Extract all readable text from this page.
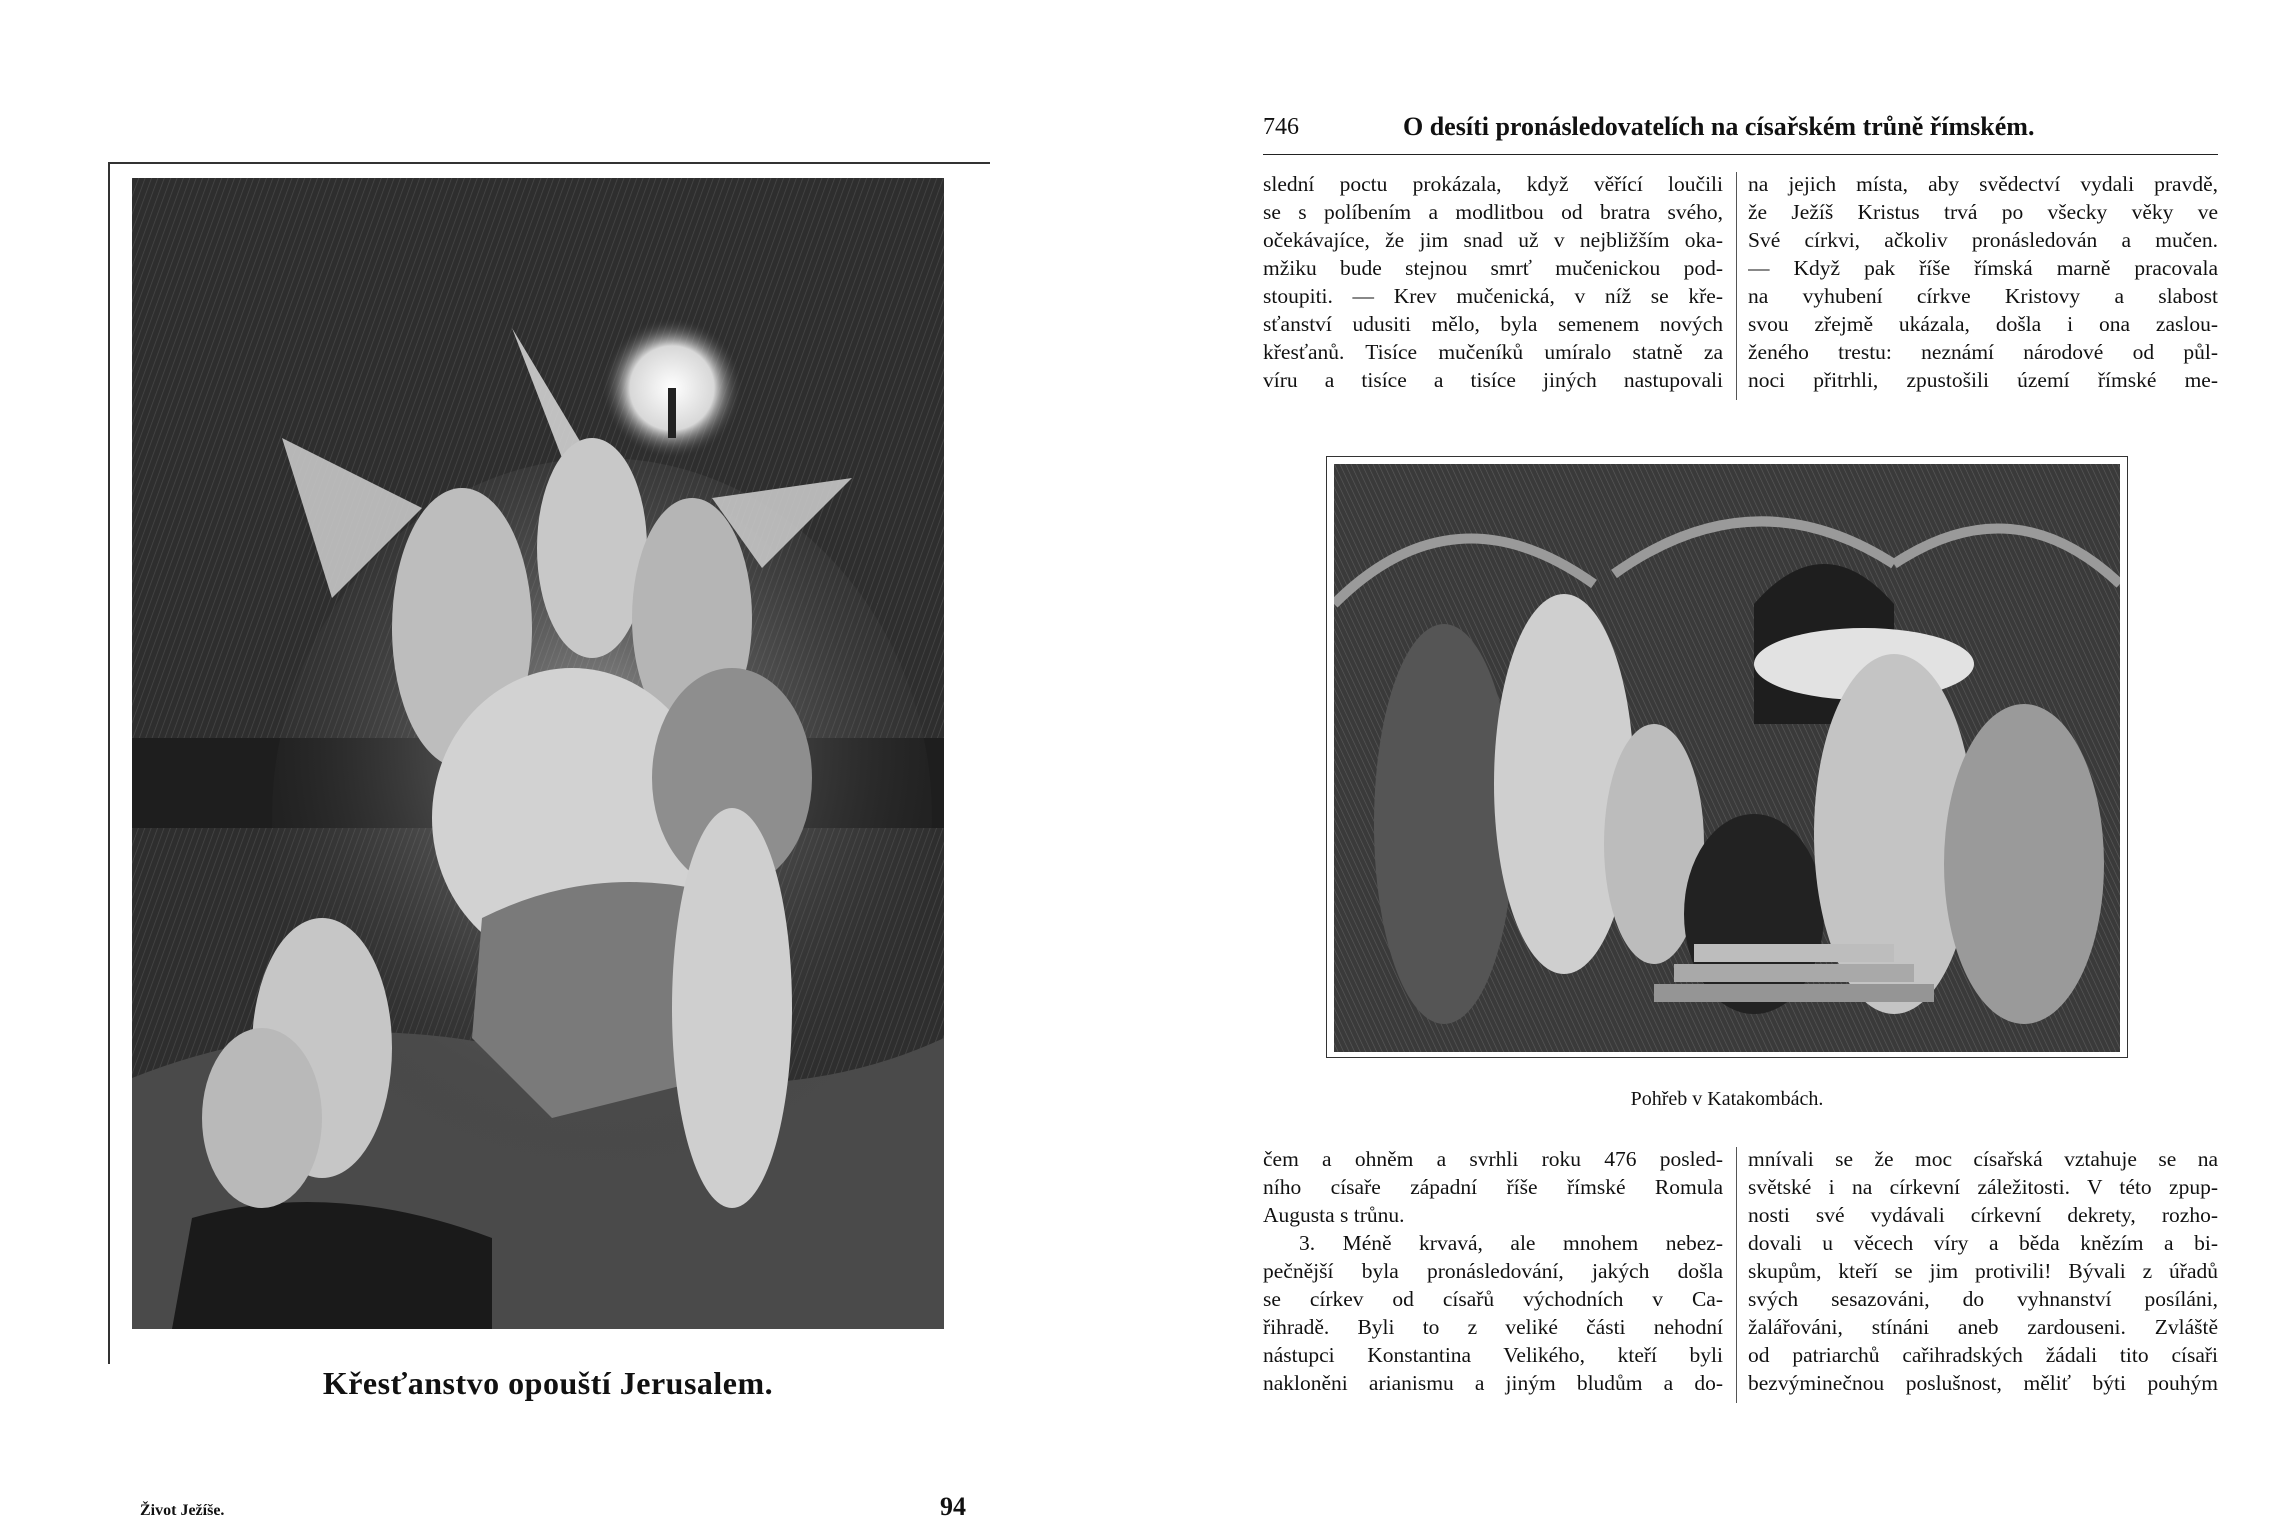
Křesťanstvo opouští Jerusalem.
Život Ježíše.	94
746	O desíti pronásledovatelích na císařském trůně římském.
slední poctu prokázala, když věřící loučili
se s políbením a modlitbou od bratra svého,
očekávajíce, že jim snad už v nejbližším oka-
mžiku bude stejnou smrť mučenickou pod-
stoupiti. — Krev mučenická, v níž se kře-
sťanství udusiti mělo, byla semenem nových
křesťanů. Tisíce mučeníků umíralo statně za
víru a tisíce a tisíce jiných nastupovali
na jejich místa, aby svědectví vydali pravdě,
že Ježíš Kristus trvá po všecky věky ve
Své církvi, ačkoliv pronásledován a mučen.
— Když pak říše římská marně pracovala
na vyhubení církve Kristovy a slabost
svou zřejmě ukázala, došla i ona zaslou-
ženého trestu: neznámí národové od půl-
noci přitrhli, zpustošili území římské me-
Pohřeb v Katakombách.
čem a ohněm a svrhli roku 476 posled-
ního císaře západní říše římské Romula
Augusta s trůnu.
3. Méně krvavá, ale mnohem nebez-
pečnější byla pronásledování, jakých došla
se církev od císařů východních v Ca-
řihradě. Byli to z veliké části nehodní
nástupci Konstantina Velikého, kteří byli
nakloněni arianismu a jiným bludům a do-
mnívali se že moc císařská vztahuje se na
světské i na církevní záležitosti. V této zpup-
nosti své vydávali církevní dekrety, rozho-
dovali u věcech víry a běda knězím a bi-
skupům, kteří se jim protivili! Bývali z úřadů
svých sesazováni, do vyhnanství posíláni,
žalářováni, stínáni aneb zardouseni. Zvláště
od patriarchů cařihradských žádali tito císaři
bezvýminečnou poslušnost, měliť býti pouhým
